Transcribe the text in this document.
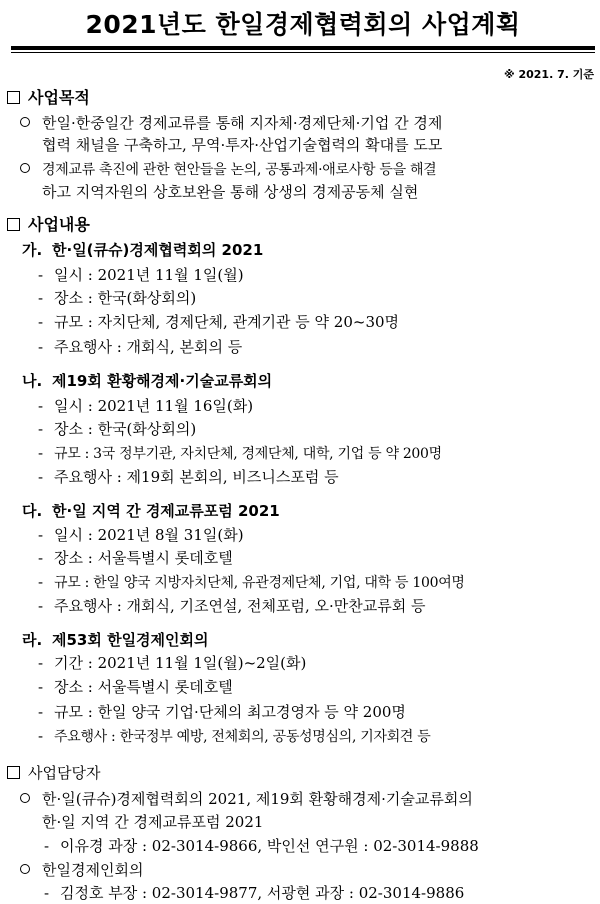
2021년도 한일경제협력회의 사업계획
※ 2021. 7. 기준
사업목적
한일·한중일간 경제교류를 통해 지자체·경제단체·기업 간 경제
협력 채널을 구축하고, 무역·투자·산업기술협력의 확대를 도모
경제교류 촉진에 관한 현안들을 논의, 공통과제·애로사항 등을 해결
하고 지역자원의 상호보완을 통해 상생의 경제공동체 실현
사업내용
가. 한·일(큐슈)경제협력회의 2021
- 일시 : 2021년 11월 1일(월)
- 장소 : 한국(화상회의)
- 규모 : 자치단체, 경제단체, 관계기관 등 약 20~30명
- 주요행사 : 개회식, 본회의 등
나. 제19회 환황해경제·기술교류회의
- 일시 : 2021년 11월 16일(화)
- 장소 : 한국(화상회의)
- 규모 : 3국 정부기관, 자치단체, 경제단체, 대학, 기업 등 약 200명
- 주요행사 : 제19회 본회의, 비즈니스포럼 등
다. 한·일 지역 간 경제교류포럼 2021
- 일시 : 2021년 8월 31일(화)
- 장소 : 서울특별시 롯데호텔
- 규모 : 한일 양국 지방자치단체, 유관경제단체, 기업, 대학 등 100여명
- 주요행사 : 개회식, 기조연설, 전체포럼, 오·만찬교류회 등
라. 제53회 한일경제인회의
- 기간 : 2021년 11월 1일(월)~2일(화)
- 장소 : 서울특별시 롯데호텔
- 규모 : 한일 양국 기업·단체의 최고경영자 등 약 200명
- 주요행사 : 한국정부 예방, 전체회의, 공동성명심의, 기자회견 등
사업담당자
한·일(큐슈)경제협력회의 2021, 제19회 환황해경제·기술교류회의
한·일 지역 간 경제교류포럼 2021
- 이유경 과장 : 02-3014-9866, 박인선 연구원 : 02-3014-9888
한일경제인회의
- 김정호 부장 : 02-3014-9877, 서광현 과장 : 02-3014-9886
